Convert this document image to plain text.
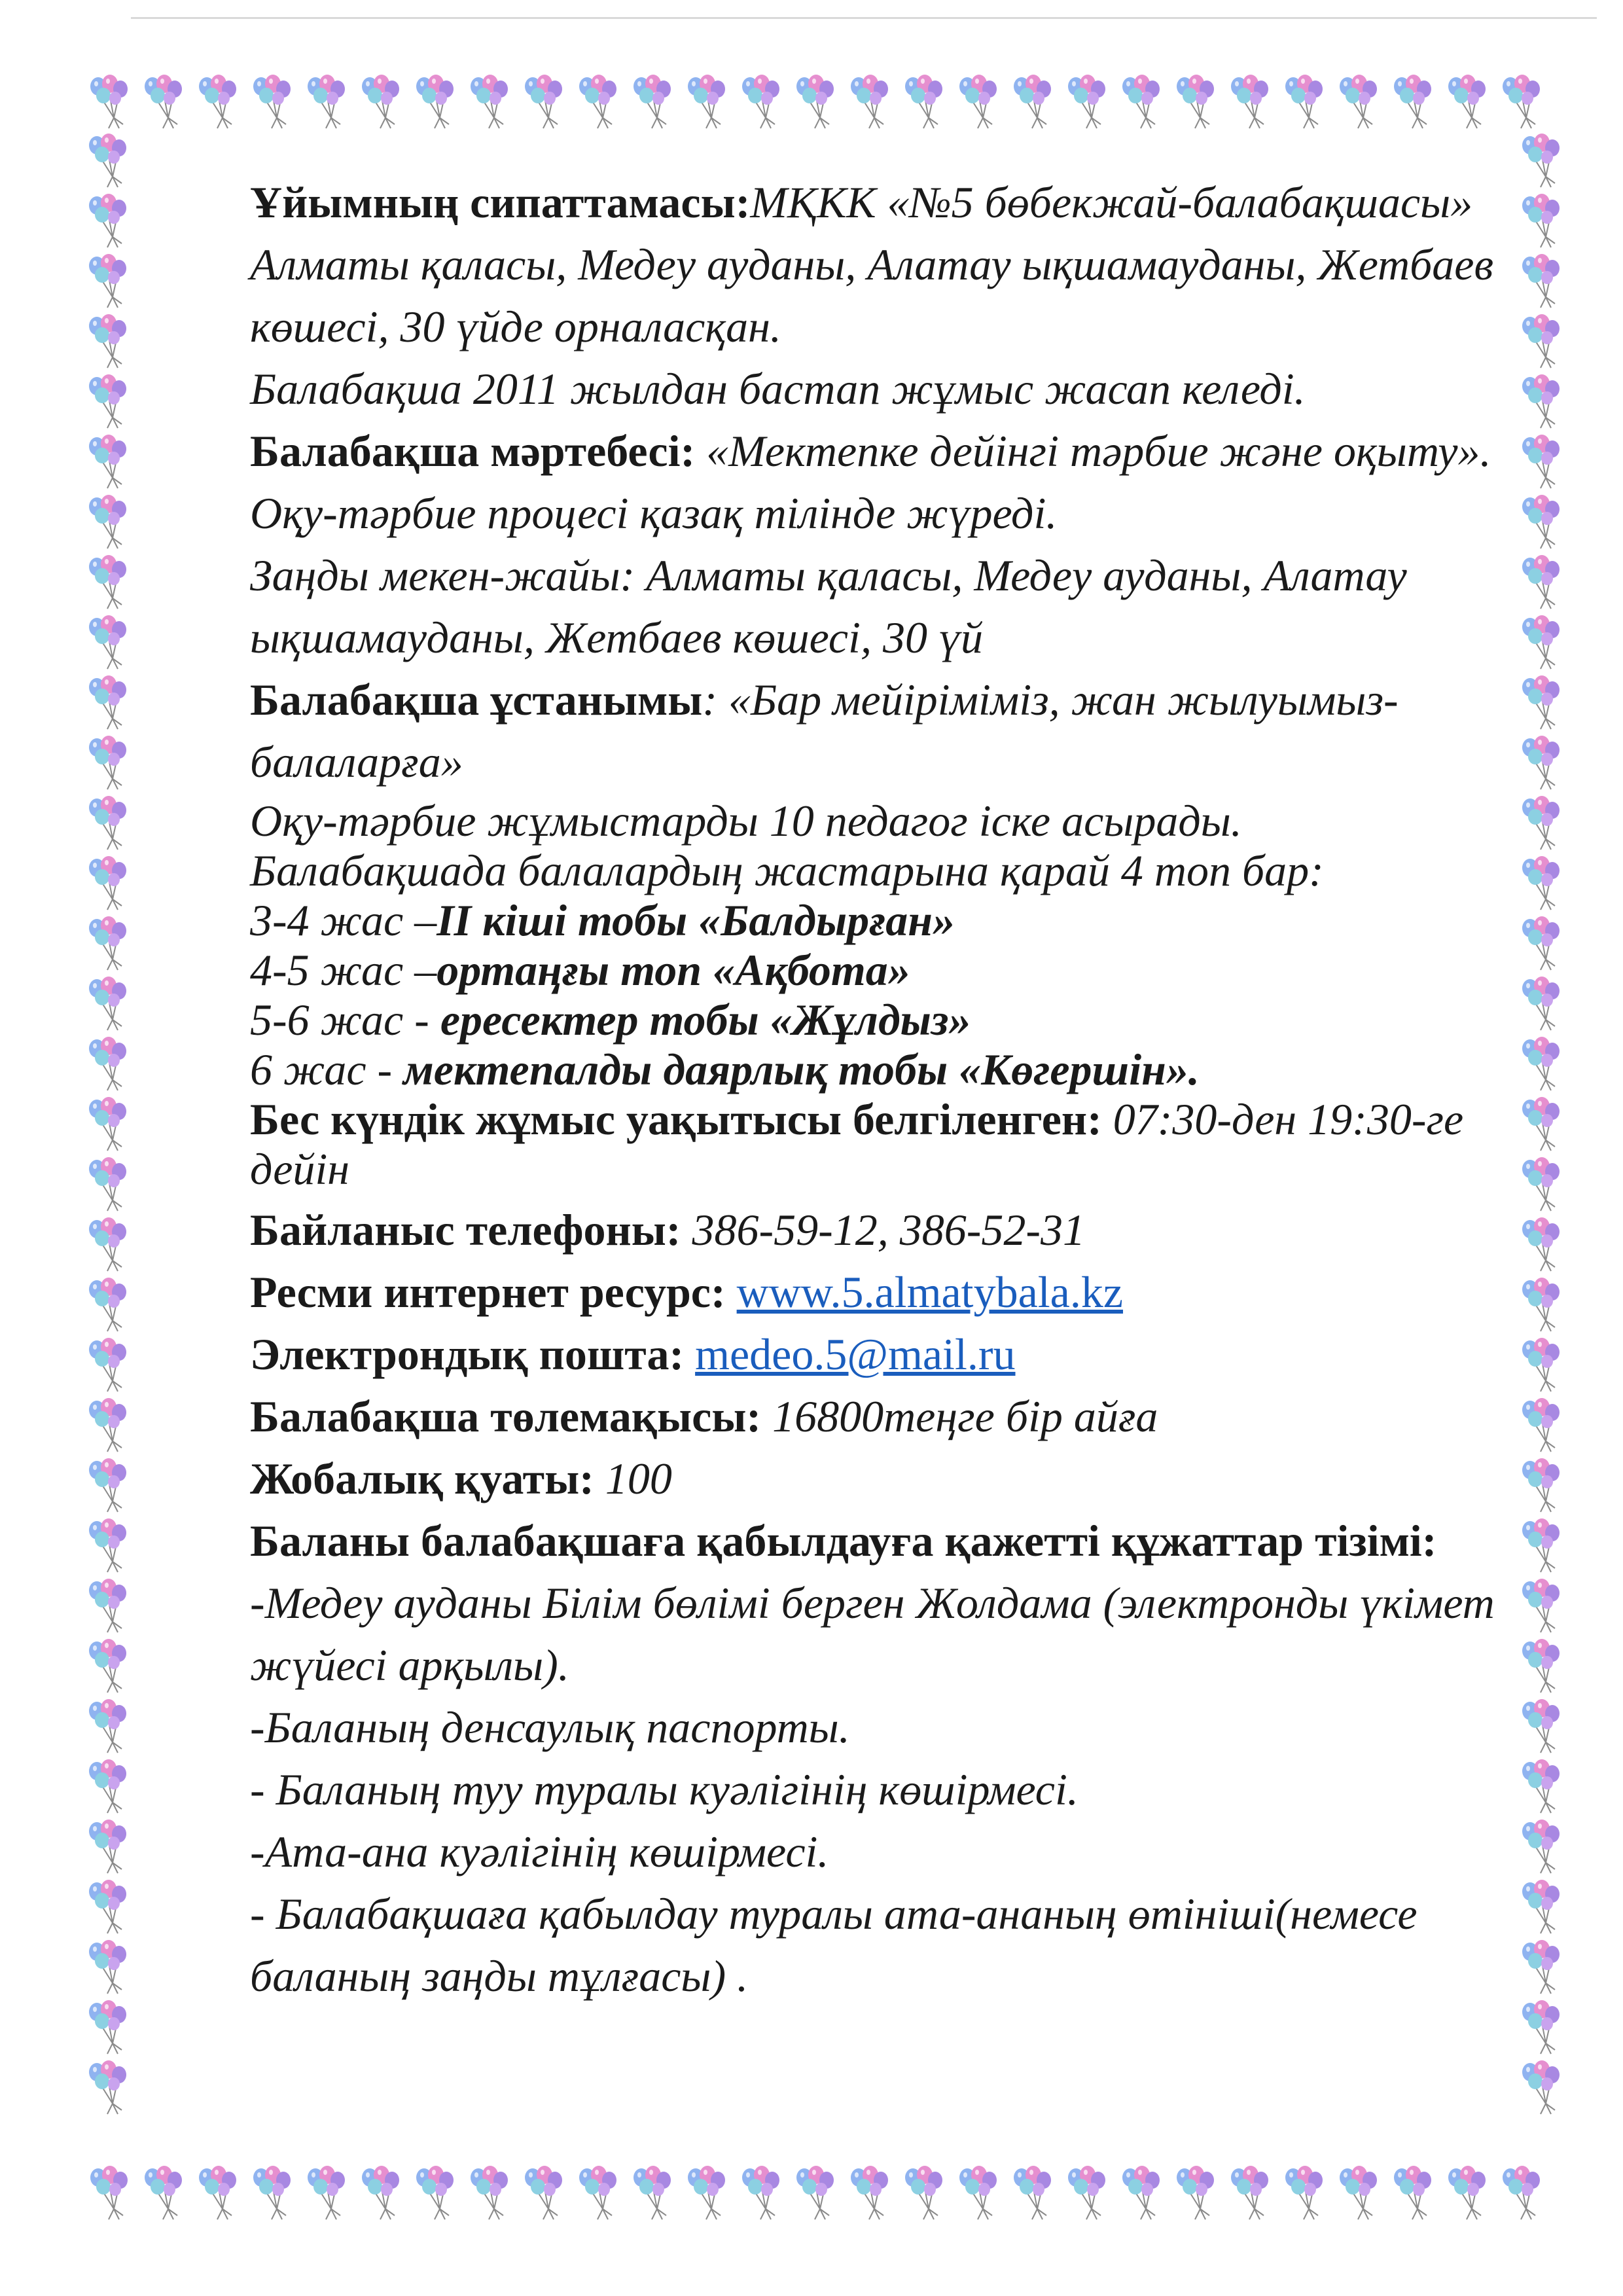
Ұйымның сипаттамасы:МҚКК «№5 бөбекжай-балабақшасы» Алматы қаласы, Медеу ауданы, Алатау ықшамауданы, Жетбаев көшесі, 30 үйде орналасқан.

Балабақша 2011 жылдан бастап жұмыс жасап келеді.

Балабақша мәртебесі: «Мектепке дейінгі тәрбие және оқыту». Оқу-тәрбие процесі қазақ тілінде жүреді.

Заңды мекен-жайы: Алматы қаласы, Медеу ауданы, Алатау ықшамауданы, Жетбаев көшесі, 30 үй

Балабақша ұстанымы: «Бар мейіріміміз, жан жылуымыз-балаларға»

Оқу-тәрбие жұмыстарды 10 педагог іске асырады.

Балабақшада балалардың жастарына қарай 4 топ бар:

3-4 жас –II кіші тобы «Балдырған»

4-5 жас –ортаңғы топ «Ақбота»

5-6 жас - ересектер тобы «Жұлдыз»

6 жас - мектепалды даярлық тобы «Көгершін».

Бес күндік жұмыс уақытысы белгіленген: 07:30-ден 19:30-ге дейін

Байланыс телефоны: 386-59-12, 386-52-31

Ресми интернет ресурс: www.5.almatybala.kz

Электрондық пошта: medeo.5@mail.ru

Балабақша төлемақысы: 16800теңге бір айға

Жобалық қуаты: 100

Баланы балабақшаға қабылдауға қажетті құжаттар тізімі: -Медеу ауданы Білім бөлімі берген Жолдама (электронды үкімет жүйесі арқылы).

-Баланың денсаулық паспорты.

- Баланың туу туралы куәлігінің көшірмесі.

-Ата-ана куәлігінің көшірмесі.

- Балабақшаға қабылдау туралы ата-ананың өтініші(немесе баланың заңды тұлғасы) .
